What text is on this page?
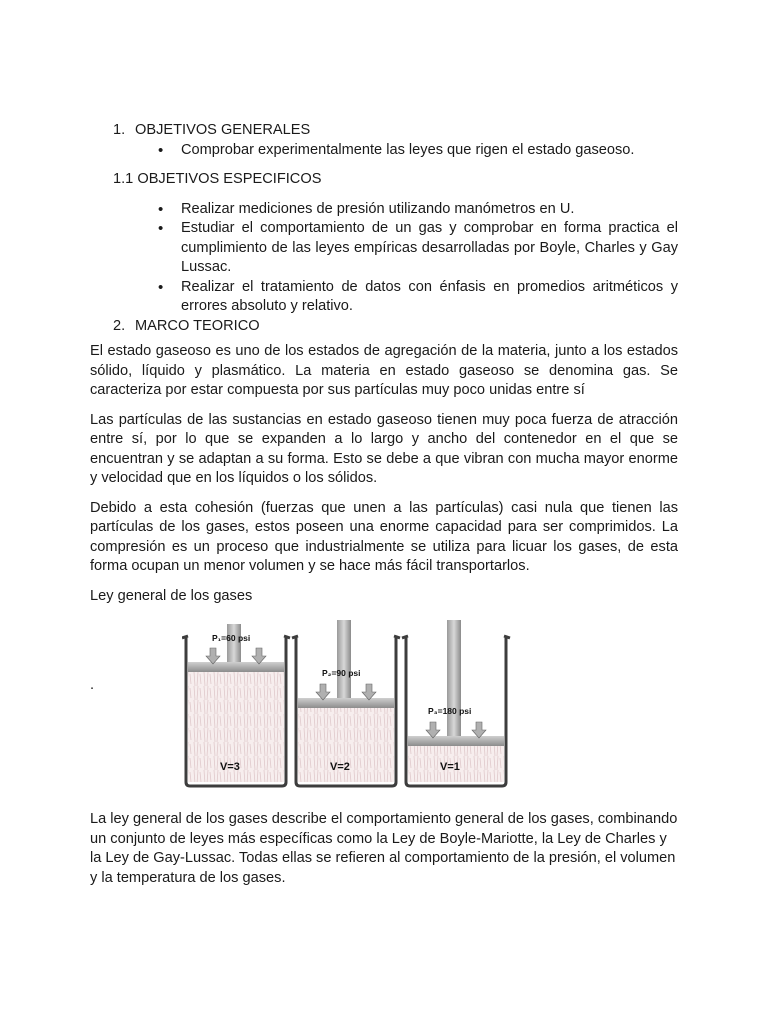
1. OBJETIVOS GENERALES
• Comprobar experimentalmente las leyes que rigen el estado gaseoso.
1.1 OBJETIVOS ESPECIFICOS
• Realizar mediciones de presión utilizando manómetros en U.
• Estudiar el comportamiento de un gas y comprobar en forma practica el cumplimiento de las leyes empíricas desarrolladas por Boyle, Charles y Gay Lussac.
• Realizar el tratamiento de datos con énfasis en promedios aritméticos y errores absoluto y relativo.
2. MARCO TEORICO

El estado gaseoso es uno de los estados de agregación de la materia, junto a los estados sólido, líquido y plasmático. La materia en estado gaseoso se denomina gas. Se caracteriza por estar compuesta por sus partículas muy poco unidas entre sí

Las partículas de las sustancias en estado gaseoso tienen muy poca fuerza de atracción entre sí, por lo que se expanden a lo largo y ancho del contenedor en el que se encuentran y se adaptan a su forma. Esto se debe a que vibran con mucha mayor enorme y velocidad que en los líquidos o los sólidos.

Debido a esta cohesión (fuerzas que unen a las partículas) casi nula que tienen las partículas de los gases, estos poseen una enorme capacidad para ser comprimidos. La compresión es un proceso que industrialmente se utiliza para licuar los gases, de esta forma ocupan un menor volumen y se hace más fácil transportarlos.

Ley general de los gases

.
P₁=60 psi
V=3
P₂=90 psi
V=2
P₃=180 psi
V=1

La ley general de los gases describe el comportamiento general de los gases, combinando un conjunto de leyes más específicas como la Ley de Boyle-Mariotte, la Ley de Charles y la Ley de Gay-Lussac. Todas ellas se refieren al comportamiento de la presión, el volumen y la temperatura de los gases.
